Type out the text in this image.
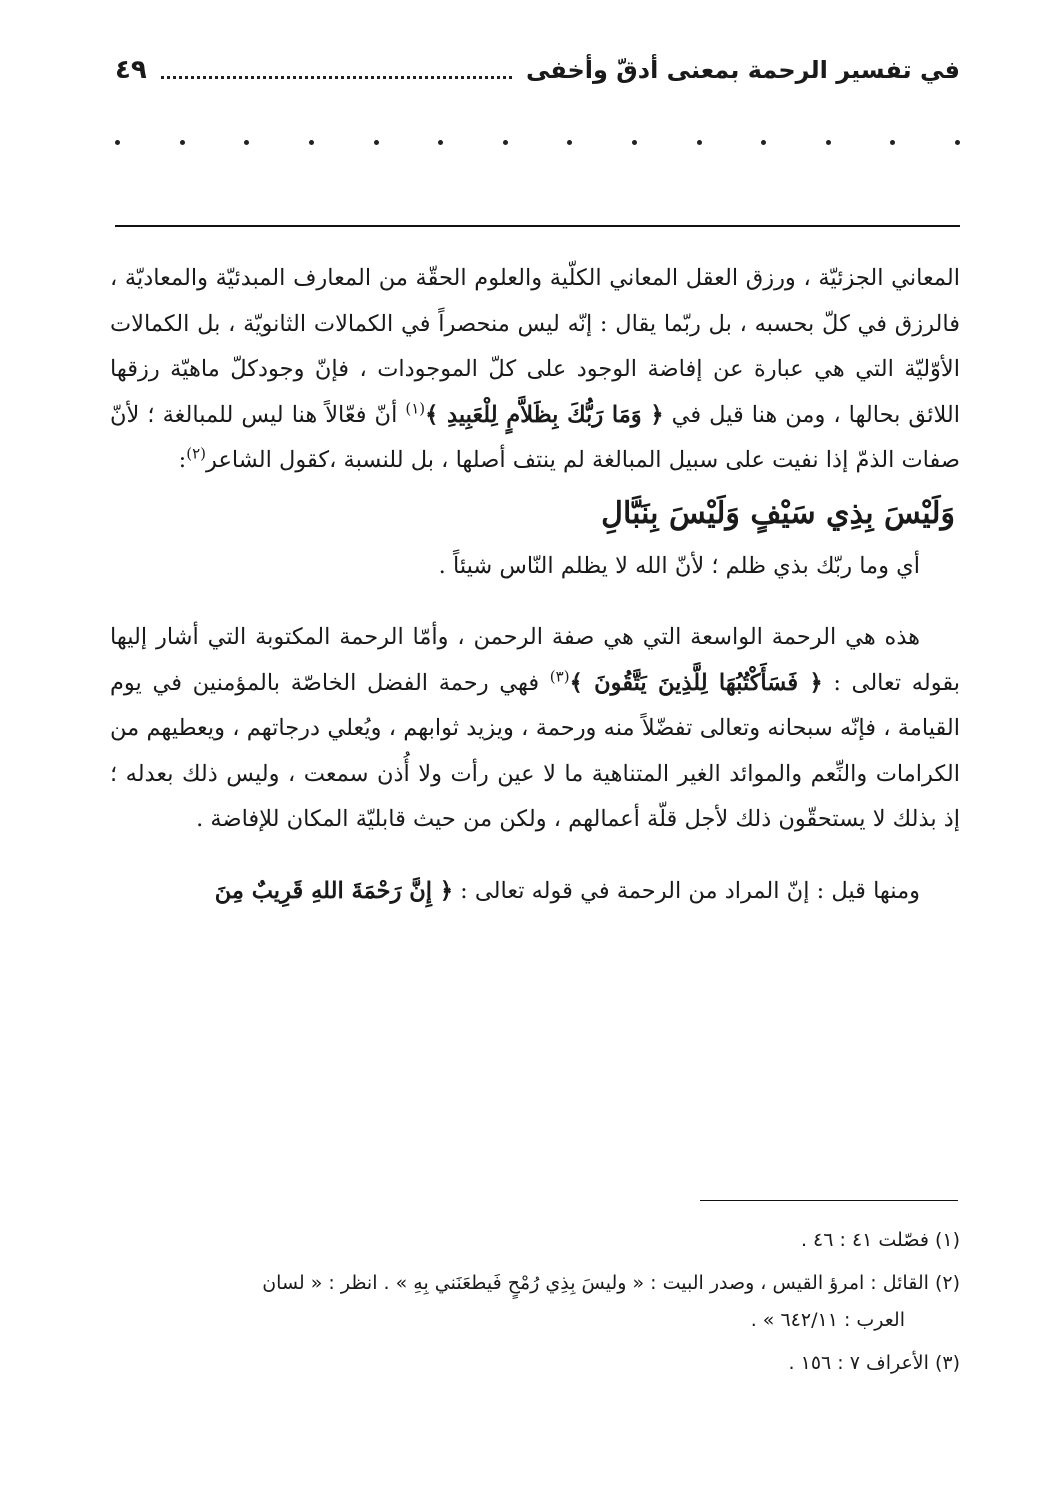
في تفسير الرحمة بمعنى أدقّ وأخفى
٤٩

المعاني الجزئيّة ، ورزق العقل المعاني الكلّية والعلوم الحقّة من المعارف المبدئيّة والمعاديّة ، فالرزق في كلّ بحسبه ، بل ربّما يقال : إنّه ليس منحصراً في الكمالات الثانويّة ، بل الكمالات الأوّليّة التي هي عبارة عن إفاضة الوجود على كلّ الموجودات ، فإنّ وجودكلّ ماهيّة رزقها اللائق بحالها ، ومن هنا قيل في ﴿ وَمَا رَبُّكَ بِظَلاَّمٍ لِلْعَبِيدِ ﴾$^{(١)}$ أنّ فعّالاً هنا ليس للمبالغة ؛ لأنّ صفات الذمّ إذا نفيت على سبيل المبالغة لم ينتف أصلها ، بل للنسبة ،كقول الشاعر$^{(٢)}$:

وَلَيْسَ بِذِي سَيْفٍ وَلَيْسَ بِنَبَّالِ

أي وما ربّك بذي ظلم ؛ لأنّ الله لا يظلم النّاس شيئاً .

هذه هي الرحمة الواسعة التي هي صفة الرحمن ، وأمّا الرحمة المكتوبة التي أشار إليها بقوله تعالى : ﴿ فَسَأَكْتُبُهَا لِلَّذِينَ يَتَّقُونَ ﴾$^{(٣)}$ فهي رحمة الفضل الخاصّة بالمؤمنين في يوم القيامة ، فإنّه سبحانه وتعالى تفضّلاً منه ورحمة ، ويزيد ثوابهم ، ويُعلي درجاتهم ، ويعطيهم من الكرامات والنِّعم والموائد الغير المتناهية ما لا عين رأت ولا أُذن سمعت ، وليس ذلك بعدله ؛ إذ بذلك لا يستحقّون ذلك لأجل قلّة أعمالهم ، ولكن من حيث قابليّة المكان للإفاضة .

ومنها قيل : إنّ المراد من الرحمة في قوله تعالى : ﴿ إِنَّ رَحْمَةَ اللهِ قَرِيبٌ مِنَ

(١) فصّلت ٤١ : ٤٦ .

(٢) القائل : امرؤ القيس ، وصدر البيت : « وليسَ بِذِي رُمْحٍ فَيطعَنَني بِهِ » . انظر : « لسان
العرب : ٦٤٢/١١ » .

(٣) الأعراف ٧ : ١٥٦ .
